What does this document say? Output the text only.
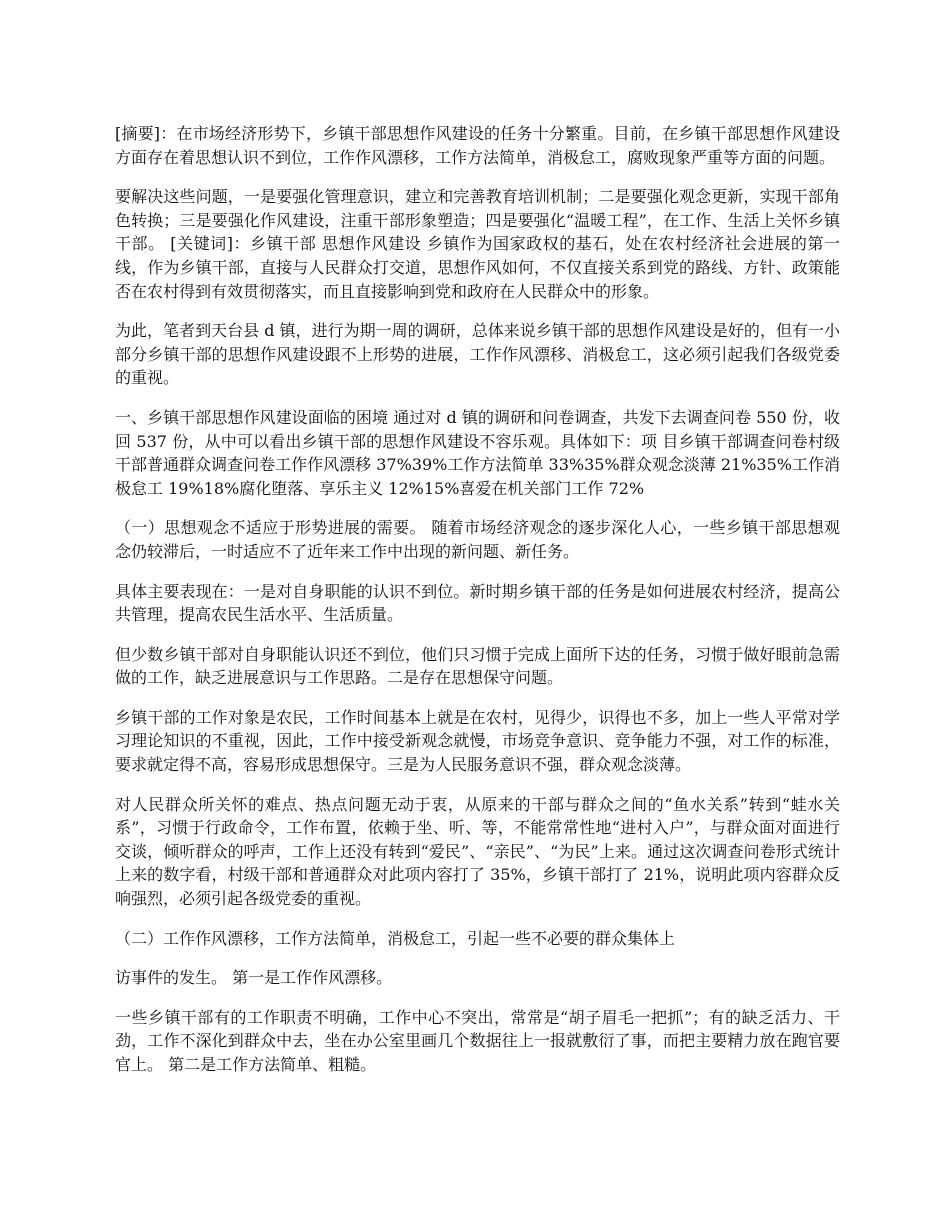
[摘要]：在市场经济形势下，乡镇干部思想作风建设的任务十分繁重。目前，在乡镇干部思想作风建设方面存在着思想认识不到位，工作作风漂移，工作方法简单，消极怠工，腐败现象严重等方面的问题。

要解决这些问题，一是要强化管理意识，建立和完善教育培训机制；二是要强化观念更新，实现干部角色转换；三是要强化作风建设，注重干部形象塑造；四是要强化“温暖工程”，在工作、生活上关怀乡镇干部。 [关键词]：乡镇干部 思想作风建设 乡镇作为国家政权的基石，处在农村经济社会进展的第一线，作为乡镇干部，直接与人民群众打交道，思想作风如何，不仅直接关系到党的路线、方针、政策能否在农村得到有效贯彻落实，而且直接影响到党和政府在人民群众中的形象。

为此，笔者到天台县 d 镇，进行为期一周的调研，总体来说乡镇干部的思想作风建设是好的，但有一小部分乡镇干部的思想作风建设跟不上形势的进展，工作作风漂移、消极怠工，这必须引起我们各级党委的重视。

一、乡镇干部思想作风建设面临的困境 通过对 d 镇的调研和问卷调查，共发下去调查问卷 550 份，收回 537 份，从中可以看出乡镇干部的思想作风建设不容乐观。具体如下：项 目乡镇干部调查问卷村级干部普通群众调查问卷工作作风漂移 37%39%工作方法简单 33%35%群众观念淡薄 21%35%工作消极怠工 19%18%腐化堕落、享乐主义 12%15%喜爱在机关部门工作 72%

（一）思想观念不适应于形势进展的需要。 随着市场经济观念的逐步深化人心，一些乡镇干部思想观念仍较滞后，一时适应不了近年来工作中出现的新问题、新任务。

具体主要表现在：一是对自身职能的认识不到位。新时期乡镇干部的任务是如何进展农村经济，提高公共管理，提高农民生活水平、生活质量。

但少数乡镇干部对自身职能认识还不到位，他们只习惯于完成上面所下达的任务，习惯于做好眼前急需做的工作，缺乏进展意识与工作思路。二是存在思想保守问题。

乡镇干部的工作对象是农民，工作时间基本上就是在农村，见得少，识得也不多，加上一些人平常对学习理论知识的不重视，因此，工作中接受新观念就慢，市场竞争意识、竞争能力不强，对工作的标准，要求就定得不高，容易形成思想保守。三是为人民服务意识不强，群众观念淡薄。

对人民群众所关怀的难点、热点问题无动于衷，从原来的干部与群众之间的“鱼水关系”转到“蛙水关系”，习惯于行政命令，工作布置，依赖于坐、听、等，不能常常性地“进村入户”，与群众面对面进行交谈，倾听群众的呼声，工作上还没有转到“爱民”、“亲民”、“为民”上来。通过这次调查问卷形式统计上来的数字看，村级干部和普通群众对此项内容打了 35%，乡镇干部打了 21%，说明此项内容群众反响强烈，必须引起各级党委的重视。

（二）工作作风漂移，工作方法简单，消极怠工，引起一些不必要的群众集体上

访事件的发生。 第一是工作作风漂移。

一些乡镇干部有的工作职责不明确，工作中心不突出，常常是“胡子眉毛一把抓”；有的缺乏活力、干劲，工作不深化到群众中去，坐在办公室里画几个数据往上一报就敷衍了事，而把主要精力放在跑官要官上。 第二是工作方法简单、粗糙。
